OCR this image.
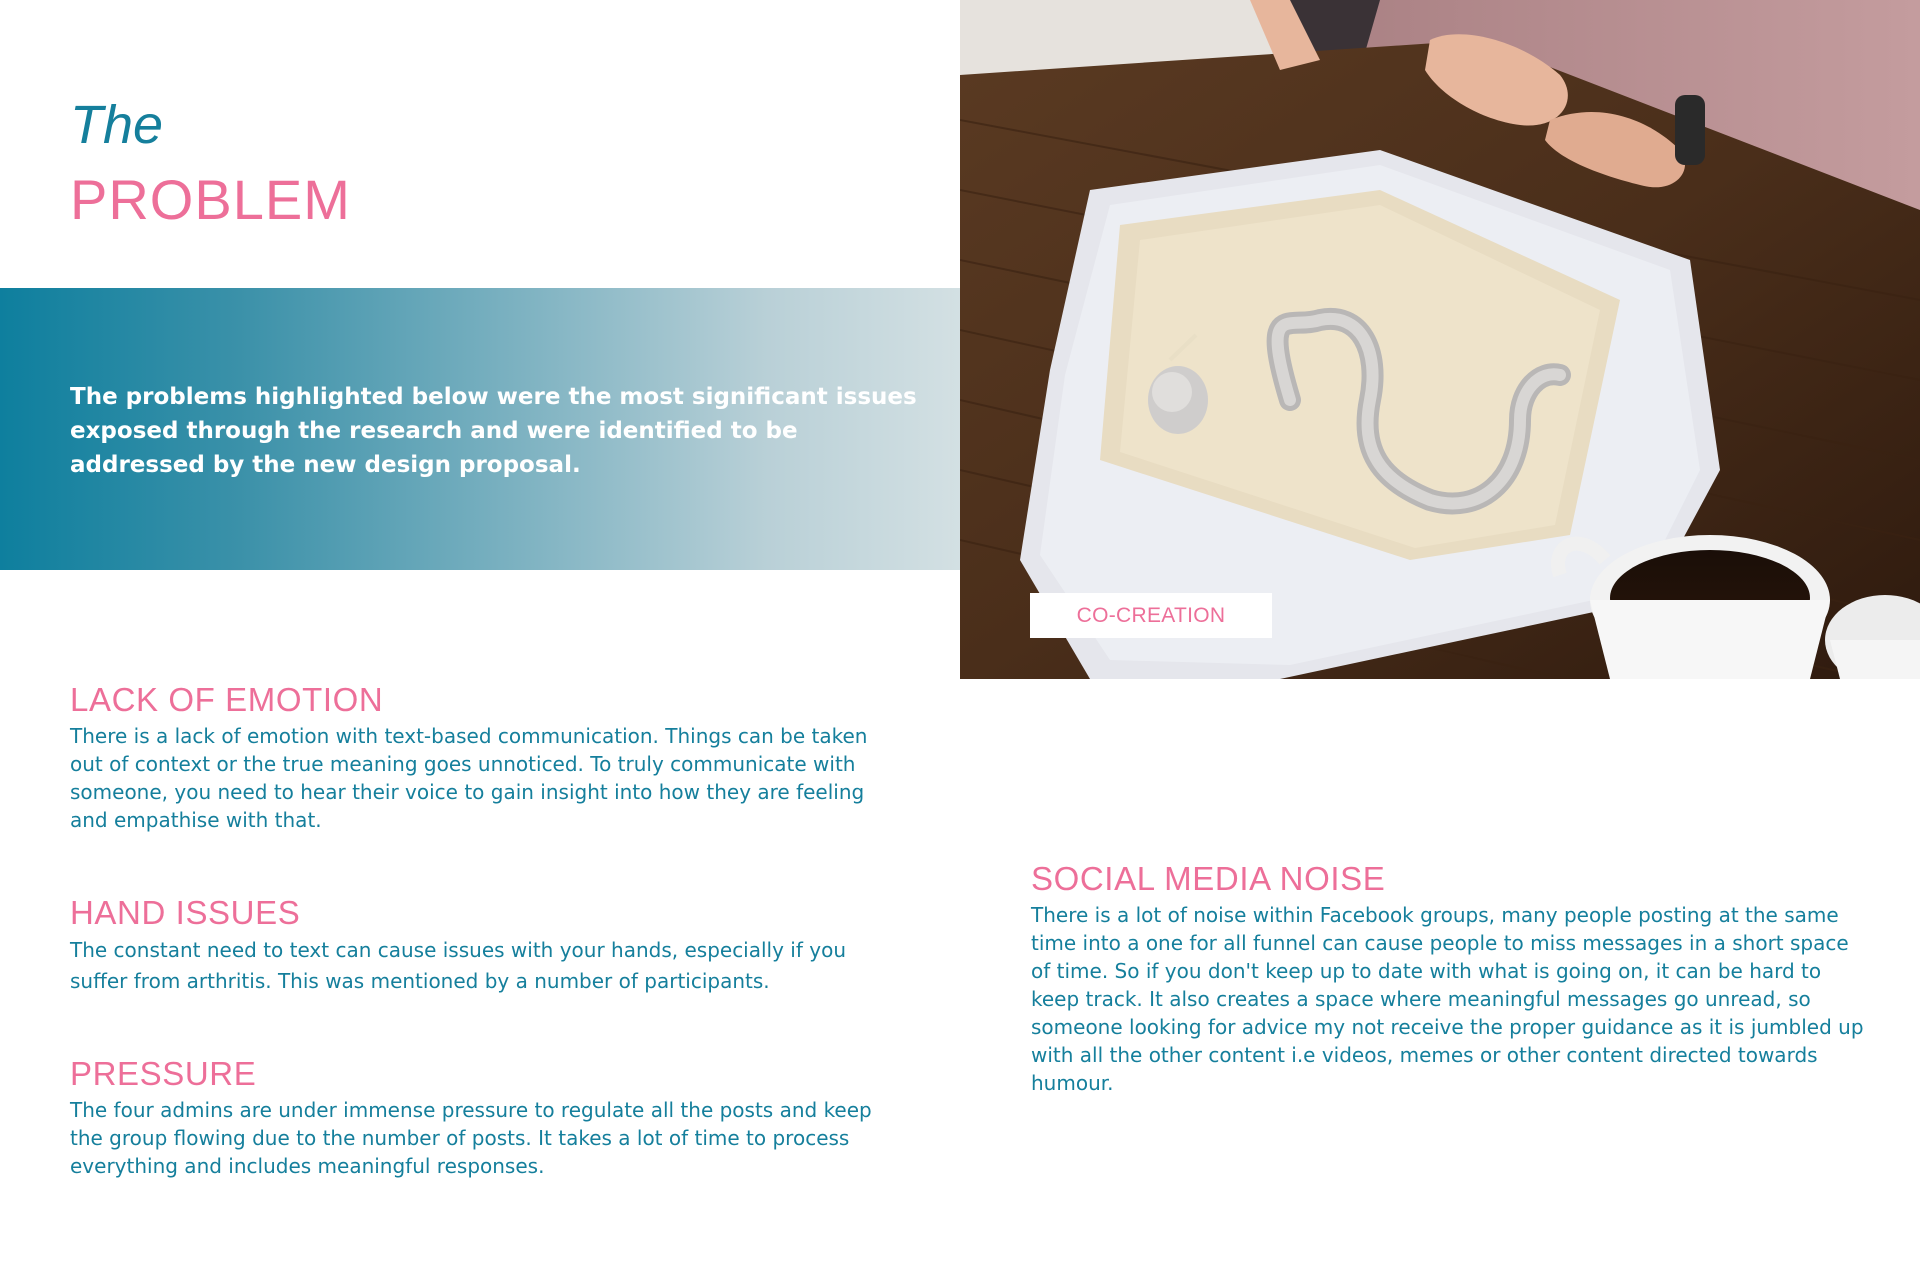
The
PROBLEM
The problems highlighted below were the most significant issues exposed through the research and were identified to be addressed by the new design proposal.
CO-CREATION
LACK OF EMOTION

There is a lack of emotion with text-based communication. Things can be taken out of context or the true meaning goes unnoticed. To truly communicate with someone, you need to hear their voice to gain insight into how they are feeling and empathise with that.

HAND ISSUES

The constant need to text can cause issues with your hands, especially if you suffer from arthritis. This was mentioned by a number of participants.

PRESSURE

The four admins are under immense pressure to regulate all the posts and keep the group flowing due to the number of posts. It takes a lot of time to process everything and includes meaningful responses.

SOCIAL MEDIA NOISE

There is a lot of noise within Facebook groups, many people posting at the same time into a one for all funnel can cause people to miss messages in a short space of time. So if you don't keep up to date with what is going on, it can be hard to keep track. It also creates a space where meaningful messages go unread, so someone looking for advice my not receive the proper guidance as it is jumbled up with all the other content i.e videos, memes or other content directed towards humour.
